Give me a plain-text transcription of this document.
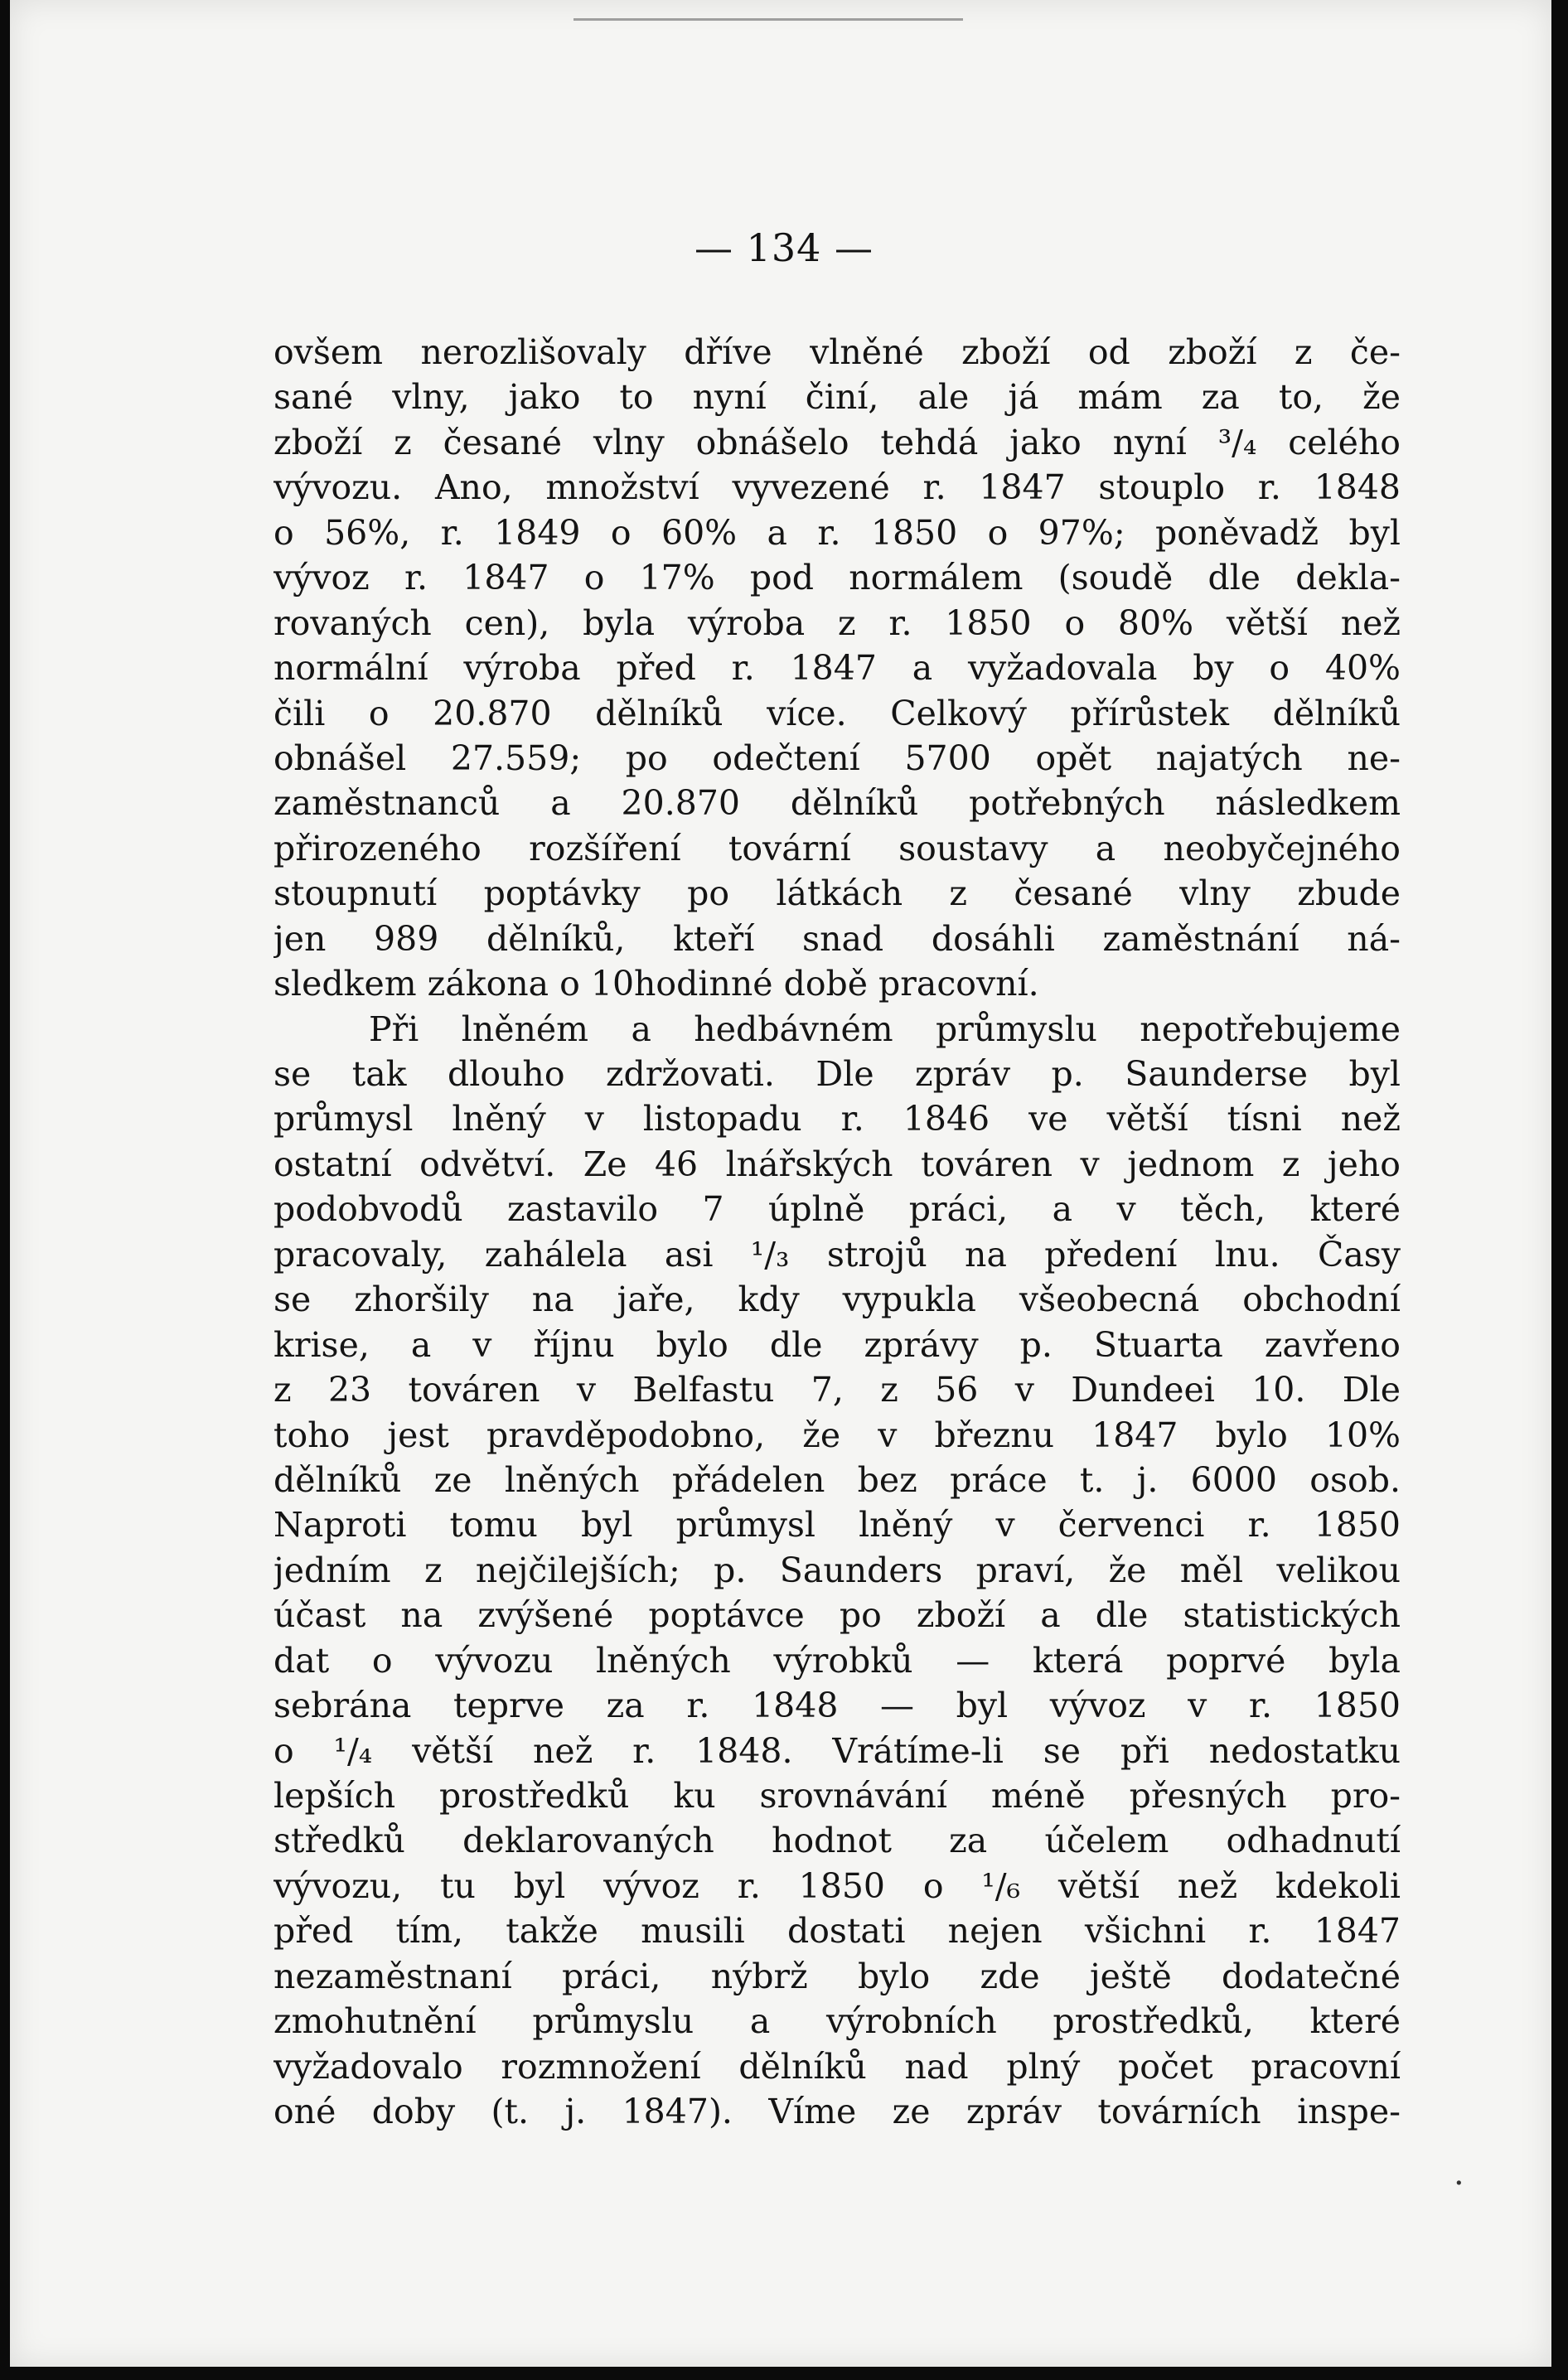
— 134 —
ovšem nerozlišovaly dříve vlněné zboží od zboží z če-
sané vlny, jako to nyní činí, ale já mám za to, že
zboží z česané vlny obnášelo tehdá jako nyní ³/₄ celého
vývozu. Ano, množství vyvezené r. 1847 stouplo r. 1848
o 56%, r. 1849 o 60% a r. 1850 o 97%; poněvadž byl
vývoz r. 1847 o 17% pod normálem (soudě dle dekla-
rovaných cen), byla výroba z r. 1850 o 80% větší než
normální výroba před r. 1847 a vyžadovala by o 40%
čili o 20.870 dělníků více. Celkový přírůstek dělníků
obnášel 27.559; po odečtení 5700 opět najatých ne-
zaměstnanců a 20.870 dělníků potřebných následkem
přirozeného rozšíření tovární soustavy a neobyčejného
stoupnutí poptávky po látkách z česané vlny zbude
jen 989 dělníků, kteří snad dosáhli zaměstnání ná-
sledkem zákona o 10hodinné době pracovní.
Při lněném a hedbávném průmyslu nepotřebujeme
se tak dlouho zdržovati. Dle zpráv p. Saunderse byl
průmysl lněný v listopadu r. 1846 ve větší tísni než
ostatní odvětví. Ze 46 lnářských továren v jednom z jeho
podobvodů zastavilo 7 úplně práci, a v těch, které
pracovaly, zahálela asi ¹/₃ strojů na předení lnu. Časy
se zhoršily na jaře, kdy vypukla všeobecná obchodní
krise, a v říjnu bylo dle zprávy p. Stuarta zavřeno
z 23 továren v Belfastu 7, z 56 v Dundeei 10. Dle
toho jest pravděpodobno, že v březnu 1847 bylo 10%
dělníků ze lněných přádelen bez práce t. j. 6000 osob.
Naproti tomu byl průmysl lněný v červenci r. 1850
jedním z nejčilejších; p. Saunders praví, že měl velikou
účast na zvýšené poptávce po zboží a dle statistických
dat o vývozu lněných výrobků — která poprvé byla
sebrána teprve za r. 1848 — byl vývoz v r. 1850
o ¹/₄ větší než r. 1848. Vrátíme-li se při nedostatku
lepších prostředků ku srovnávání méně přesných pro-
středků deklarovaných hodnot za účelem odhadnutí
vývozu, tu byl vývoz r. 1850 o ¹/₆ větší než kdekoli
před tím, takže musili dostati nejen všichni r. 1847
nezaměstnaní práci, nýbrž bylo zde ještě dodatečné
zmohutnění průmyslu a výrobních prostředků, které
vyžadovalo rozmnožení dělníků nad plný počet pracovní
oné doby (t. j. 1847). Víme ze zpráv továrních inspe-
·
